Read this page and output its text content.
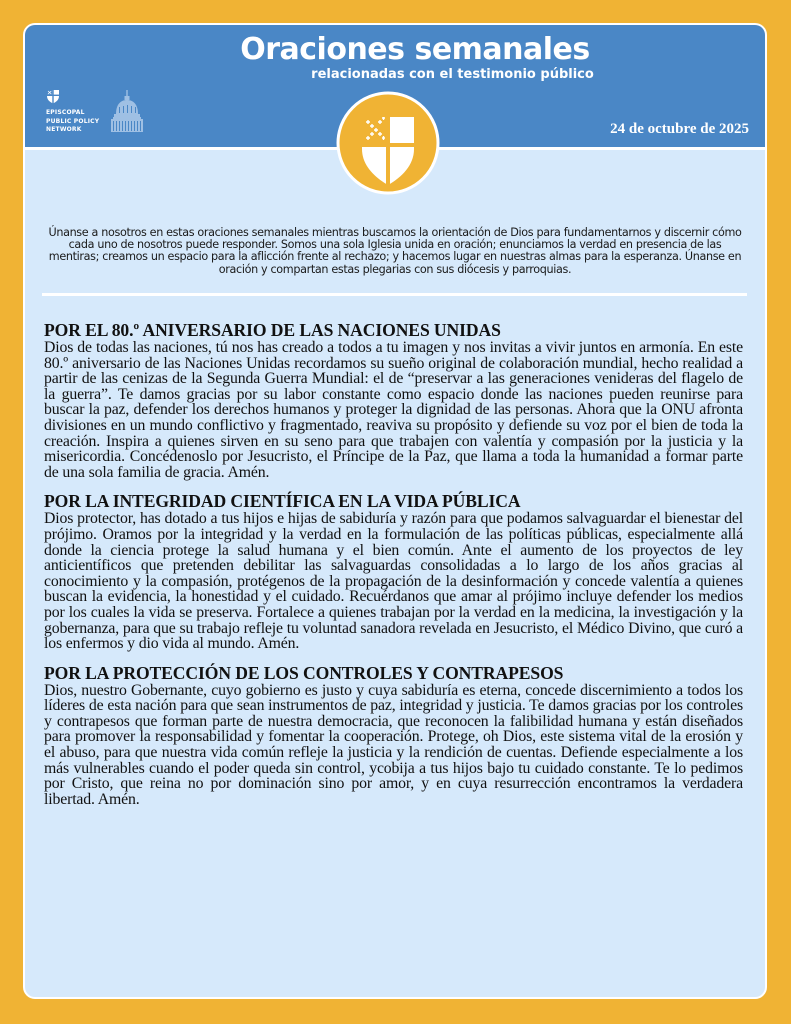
Oraciones semanales
relacionadas con el testimonio público
EPISCOPAL
PUBLIC POLICY
NETWORK	24 de octubre de 2025
Únanse a nosotros en estas oraciones semanales mientras buscamos la orientación de Dios para fundamentarnos y discernir cómo cada uno de nosotros puede responder. Somos una sola Iglesia unida en oración; enunciamos la verdad en presencia de las mentiras; creamos un espacio para la aflicción frente al rechazo; y hacemos lugar en nuestras almas para la esperanza. Únanse en oración y compartan estas plegarias con sus diócesis y parroquias.
POR EL 80.º ANIVERSARIO DE LAS NACIONES UNIDAS

Dios de todas las naciones, tú nos has creado a todos a tu imagen y nos invitas a vivir juntos en armonía. En este 80.º aniversario de las Naciones Unidas recordamos su sueño original de colaboración mundial, hecho realidad a partir de las cenizas de la Segunda Guerra Mundial: el de “preservar a las generaciones venideras del flagelo de la guerra”. Te damos gracias por su labor constante como espacio donde las naciones pueden reunirse para buscar la paz, defender los derechos humanos y proteger la dignidad de las personas. Ahora que la ONU afronta divisiones en un mundo conflictivo y fragmentado, reaviva su propósito y defiende su voz por el bien de toda la creación. Inspira a quienes sirven en su seno para que trabajen con valentía y compasión por la justicia y la misericordia. Concédenoslo por Jesucristo, el Príncipe de la Paz, que llama a toda la humanidad a formar parte de una sola familia de gracia. Amén.

POR LA INTEGRIDAD CIENTÍFICA EN LA VIDA PÚBLICA

Dios protector, has dotado a tus hijos e hijas de sabiduría y razón para que podamos salvaguardar el bienestar del prójimo. Oramos por la integridad y la verdad en la formulación de las políticas públicas, especialmente allá donde la ciencia protege la salud humana y el bien común. Ante el aumento de los proyectos de ley anticientíficos que pretenden debilitar las salvaguardas consolidadas a lo largo de los años gracias al conocimiento y la compasión, protégenos de la propagación de la desinformación y concede valentía a quienes buscan la evidencia, la honestidad y el cuidado. Recuérdanos que amar al prójimo incluye defender los medios por los cuales la vida se preserva. Fortalece a quienes trabajan por la verdad en la medicina, la investigación y la gobernanza, para que su trabajo refleje tu voluntad sanadora revelada en Jesucristo, el Médico Divino, que curó a los enfermos y dio vida al mundo. Amén.

POR LA PROTECCIÓN DE LOS CONTROLES Y CONTRAPESOS

Dios, nuestro Gobernante, cuyo gobierno es justo y cuya sabiduría es eterna, concede discernimiento a todos los líderes de esta nación para que sean instrumentos de paz, integridad y justicia. Te damos gracias por los controles y contrapesos que forman parte de nuestra democracia, que reconocen la falibilidad humana y están diseñados para promover la responsabilidad y fomentar la cooperación. Protege, oh Dios, este sistema vital de la erosión y el abuso, para que nuestra vida común refleje la justicia y la rendición de cuentas. Defiende especialmente a los más vulnerables cuando el poder queda sin control, ycobija a tus hijos bajo tu cuidado constante. Te lo pedimos por Cristo, que reina no por dominación sino por amor, y en cuya resurrección encontramos la verdadera libertad. Amén.
